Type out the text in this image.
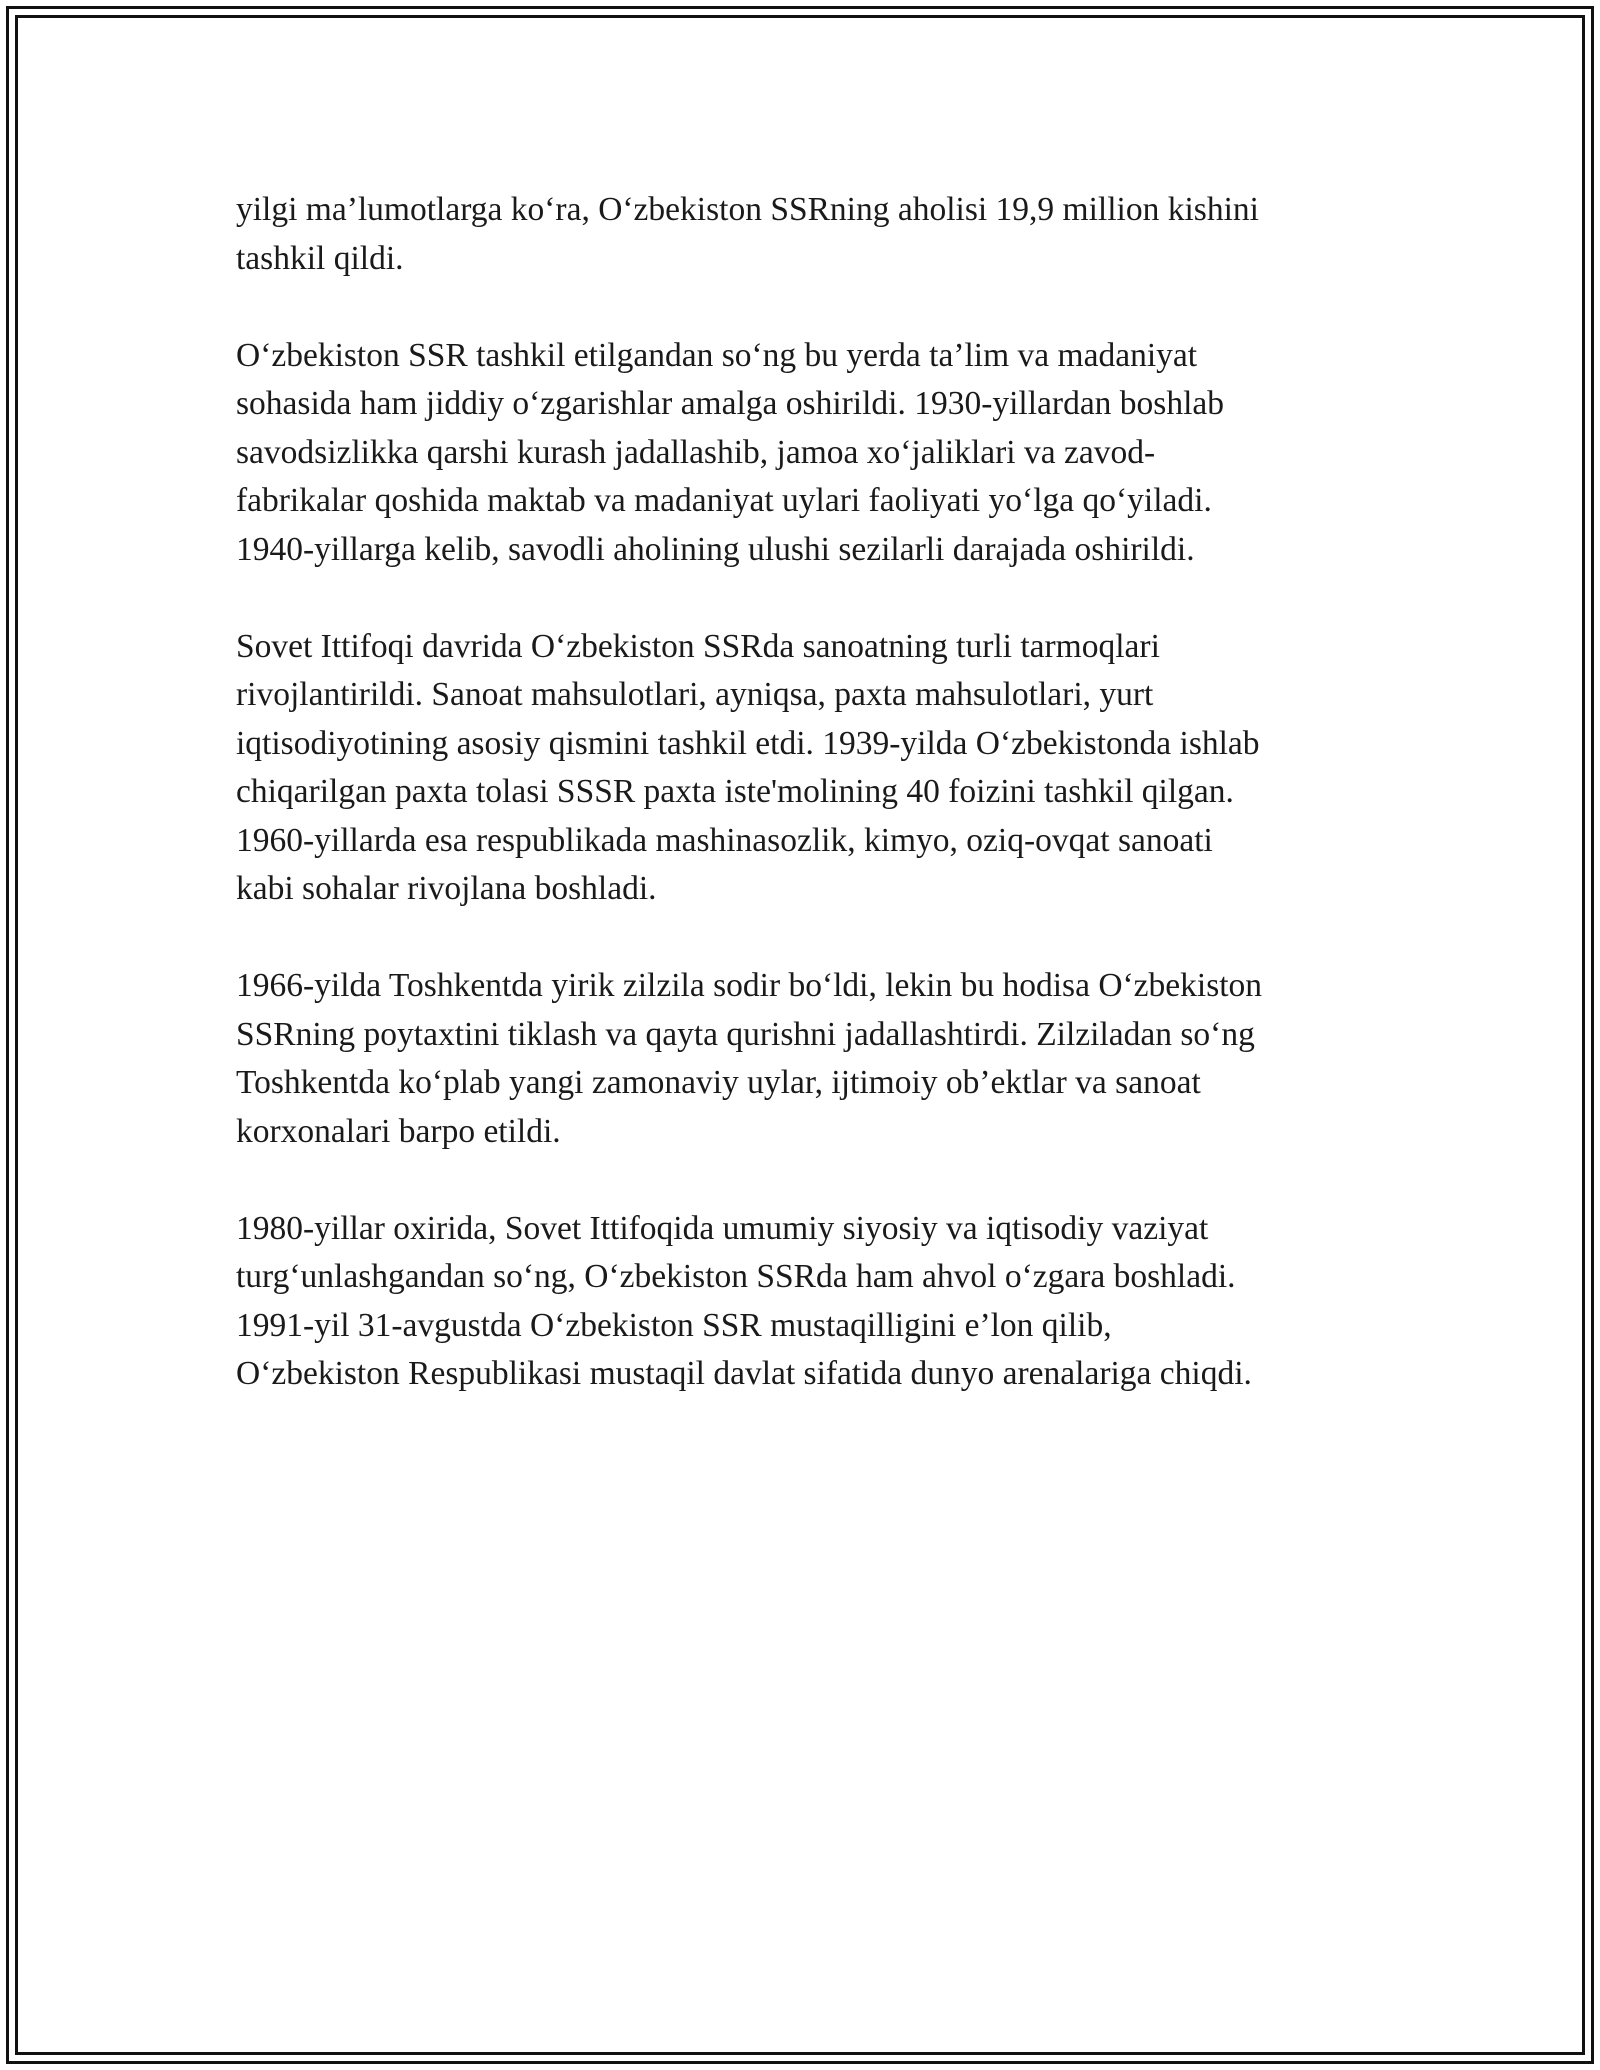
yilgi ma’lumotlarga ko‘ra, O‘zbekiston SSRning aholisi 19,9 million kishini
tashkil qildi.

O‘zbekiston SSR tashkil etilgandan so‘ng bu yerda ta’lim va madaniyat
sohasida ham jiddiy o‘zgarishlar amalga oshirildi. 1930-yillardan boshlab
savodsizlikka qarshi kurash jadallashib, jamoa xo‘jaliklari va zavod-
fabrikalar qoshida maktab va madaniyat uylari faoliyati yo‘lga qo‘yiladi.
1940-yillarga kelib, savodli aholining ulushi sezilarli darajada oshirildi.

Sovet Ittifoqi davrida O‘zbekiston SSRda sanoatning turli tarmoqlari
rivojlantirildi. Sanoat mahsulotlari, ayniqsa, paxta mahsulotlari, yurt
iqtisodiyotining asosiy qismini tashkil etdi. 1939-yilda O‘zbekistonda ishlab
chiqarilgan paxta tolasi SSSR paxta iste'molining 40 foizini tashkil qilgan.
1960-yillarda esa respublikada mashinasozlik, kimyo, oziq-ovqat sanoati
kabi sohalar rivojlana boshladi.

1966-yilda Toshkentda yirik zilzila sodir bo‘ldi, lekin bu hodisa O‘zbekiston
SSRning poytaxtini tiklash va qayta qurishni jadallashtirdi. Zilziladan so‘ng
Toshkentda ko‘plab yangi zamonaviy uylar, ijtimoiy ob’ektlar va sanoat
korxonalari barpo etildi.

1980-yillar oxirida, Sovet Ittifoqida umumiy siyosiy va iqtisodiy vaziyat
turg‘unlashgandan so‘ng, O‘zbekiston SSRda ham ahvol o‘zgara boshladi.
1991-yil 31-avgustda O‘zbekiston SSR mustaqilligini e’lon qilib,
O‘zbekiston Respublikasi mustaqil davlat sifatida dunyo arenalariga chiqdi.
